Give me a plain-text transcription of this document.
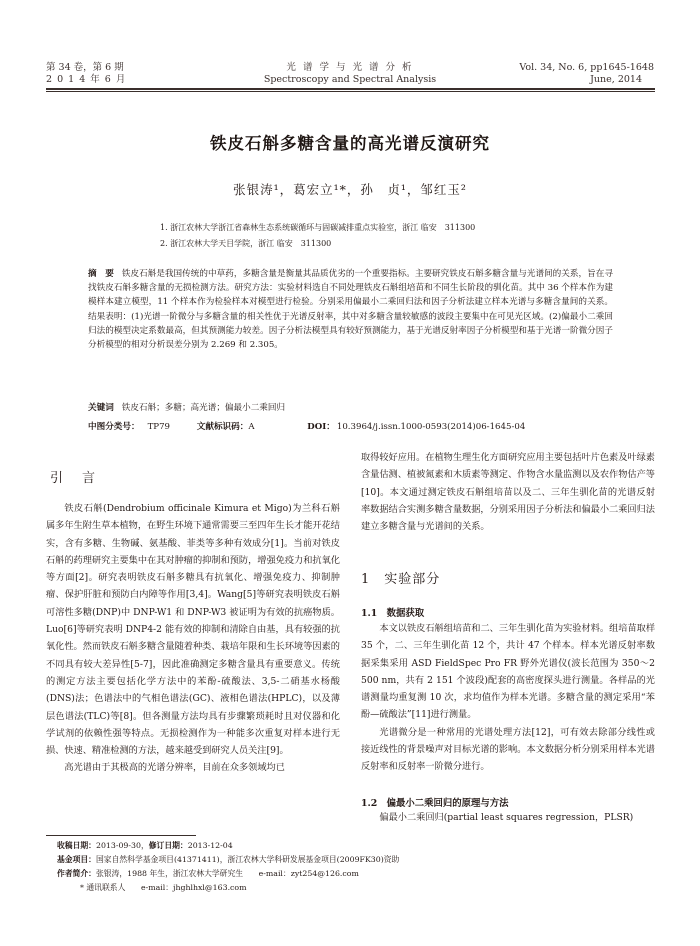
第 34 卷，第 6 期
2 0 1 4 年 6 月
光 谱 学 与 光 谱 分 析
Spectroscopy and Spectral Analysis
Vol. 34, No. 6, pp1645-1648
June, 2014
铁皮石斛多糖含量的高光谱反演研究
张银涛¹，葛宏立¹*，孙　贞¹，邹红玉²
1. 浙江农林大学浙江省森林生态系统碳循环与固碳减排重点实验室，浙江 临安　311300
2. 浙江农林大学天目学院，浙江 临安　311300
摘　要 铁皮石斛是我国传统的中草药，多糖含量是衡量其品质优劣的一个重要指标。主要研究铁皮石斛多糖含量与光谱间的关系，旨在寻找铁皮石斛多糖含量的无损检测方法。研究方法：实验材料选自不同处理铁皮石斛组培苗和不同生长阶段的驯化苗。其中 36 个样本作为建模样本建立模型，11 个样本作为检验样本对模型进行检验。分别采用偏最小二乘回归法和因子分析法建立样本光谱与多糖含量间的关系。结果表明：(1)光谱一阶微分与多糖含量的相关性优于光谱反射率，其中对多糖含量较敏感的波段主要集中在可见光区域。(2)偏最小二乘回归法的模型决定系数最高，但其预测能力较差。因子分析法模型具有较好预测能力，基于光谱反射率因子分析模型和基于光谱一阶微分因子分析模型的相对分析误差分别为 2.269 和 2.305。
关键词 铁皮石斛；多糖；高光谱；偏最小二乘回归
中图分类号： TP79	文献标识码：A	DOI： 10.3964/j.issn.1000-0593(2014)06-1645-04
引　言

铁皮石斛(Dendrobium officinale Kimura et Migo)为兰科石斛属多年生附生草本植物，在野生环境下通常需要三至四年生长才能开花结实，含有多糖、生物碱、氨基酸、菲类等多种有效成分[1]。当前对铁皮石斛的药理研究主要集中在其对肿瘤的抑制和预防，增强免疫力和抗氧化等方面[2]。研究表明铁皮石斛多糖具有抗氧化、增强免疫力、抑制肿瘤、保护肝脏和预防白内障等作用[3,4]。Wang[5]等研究表明铁皮石斛可溶性多糖(DNP)中 DNP-W1 和 DNP-W3 被证明为有效的抗癌物质。Luo[6]等研究表明 DNP4-2 能有效的抑制和清除自由基，具有较强的抗氧化性。然而铁皮石斛多糖含量随着种类、栽培年限和生长环境等因素的不同具有较大差异性[5-7]，因此准确测定多糖含量具有重要意义。传统的测定方法主要包括化学方法中的苯酚-硫酸法、3,5-二硝基水杨酸(DNS)法；色谱法中的气相色谱法(GC)、液相色谱法(HPLC)，以及薄层色谱法(TLC)等[8]。但各测量方法均具有步骤繁琐耗时且对仪器和化学试剂的依赖性强等特点。无损检测作为一种能多次重复对样本进行无损、快速、精准检测的方法，越来越受到研究人员关注[9]。

高光谱由于其极高的光谱分辨率，目前在众多领域均已

取得较好应用。在植物生理生化方面研究应用主要包括叶片色素及叶绿素含量估测、植被氮素和木质素等测定、作物含水量监测以及农作物估产等[10]。本文通过测定铁皮石斛组培苗以及二、三年生驯化苗的光谱反射率数据结合实测多糖含量数据，分别采用因子分析法和偏最小二乘回归法建立多糖含量与光谱间的关系。

1　实验部分
1.1　数据获取

本文以铁皮石斛组培苗和二、三年生驯化苗为实验材料。组培苗取样 35 个，二、三年生驯化苗 12 个，共计 47 个样本。样本光谱反射率数据采集采用 ASD FieldSpec Pro FR 野外光谱仪(波长范围为 350～2 500 nm，共有 2 151 个波段)配套的高密度探头进行测量。各样品的光谱测量均重复测 10 次，求均值作为样本光谱。多糖含量的测定采用“苯酚—硫酸法”[11]进行测量。

光谱微分是一种常用的光谱处理方法[12]，可有效去除部分线性或接近线性的背景噪声对目标光谱的影响。本文数据分析分别采用样本光谱反射率和反射率一阶微分进行。

1.2　偏最小二乘回归的原理与方法

偏最小二乘回归(partial least squares regression，PLSR)

收稿日期：2013-09-30，修订日期：2013-12-04
基金项目：国家自然科学基金项目(41371411)，浙江农林大学科研发展基金项目(2009FK30)资助
作者简介：张银涛，1988 年生，浙江农林大学研究生　　e-mail：zyt254@126.com
* 通讯联系人　　e-mail：jhghlhxl@163.com
